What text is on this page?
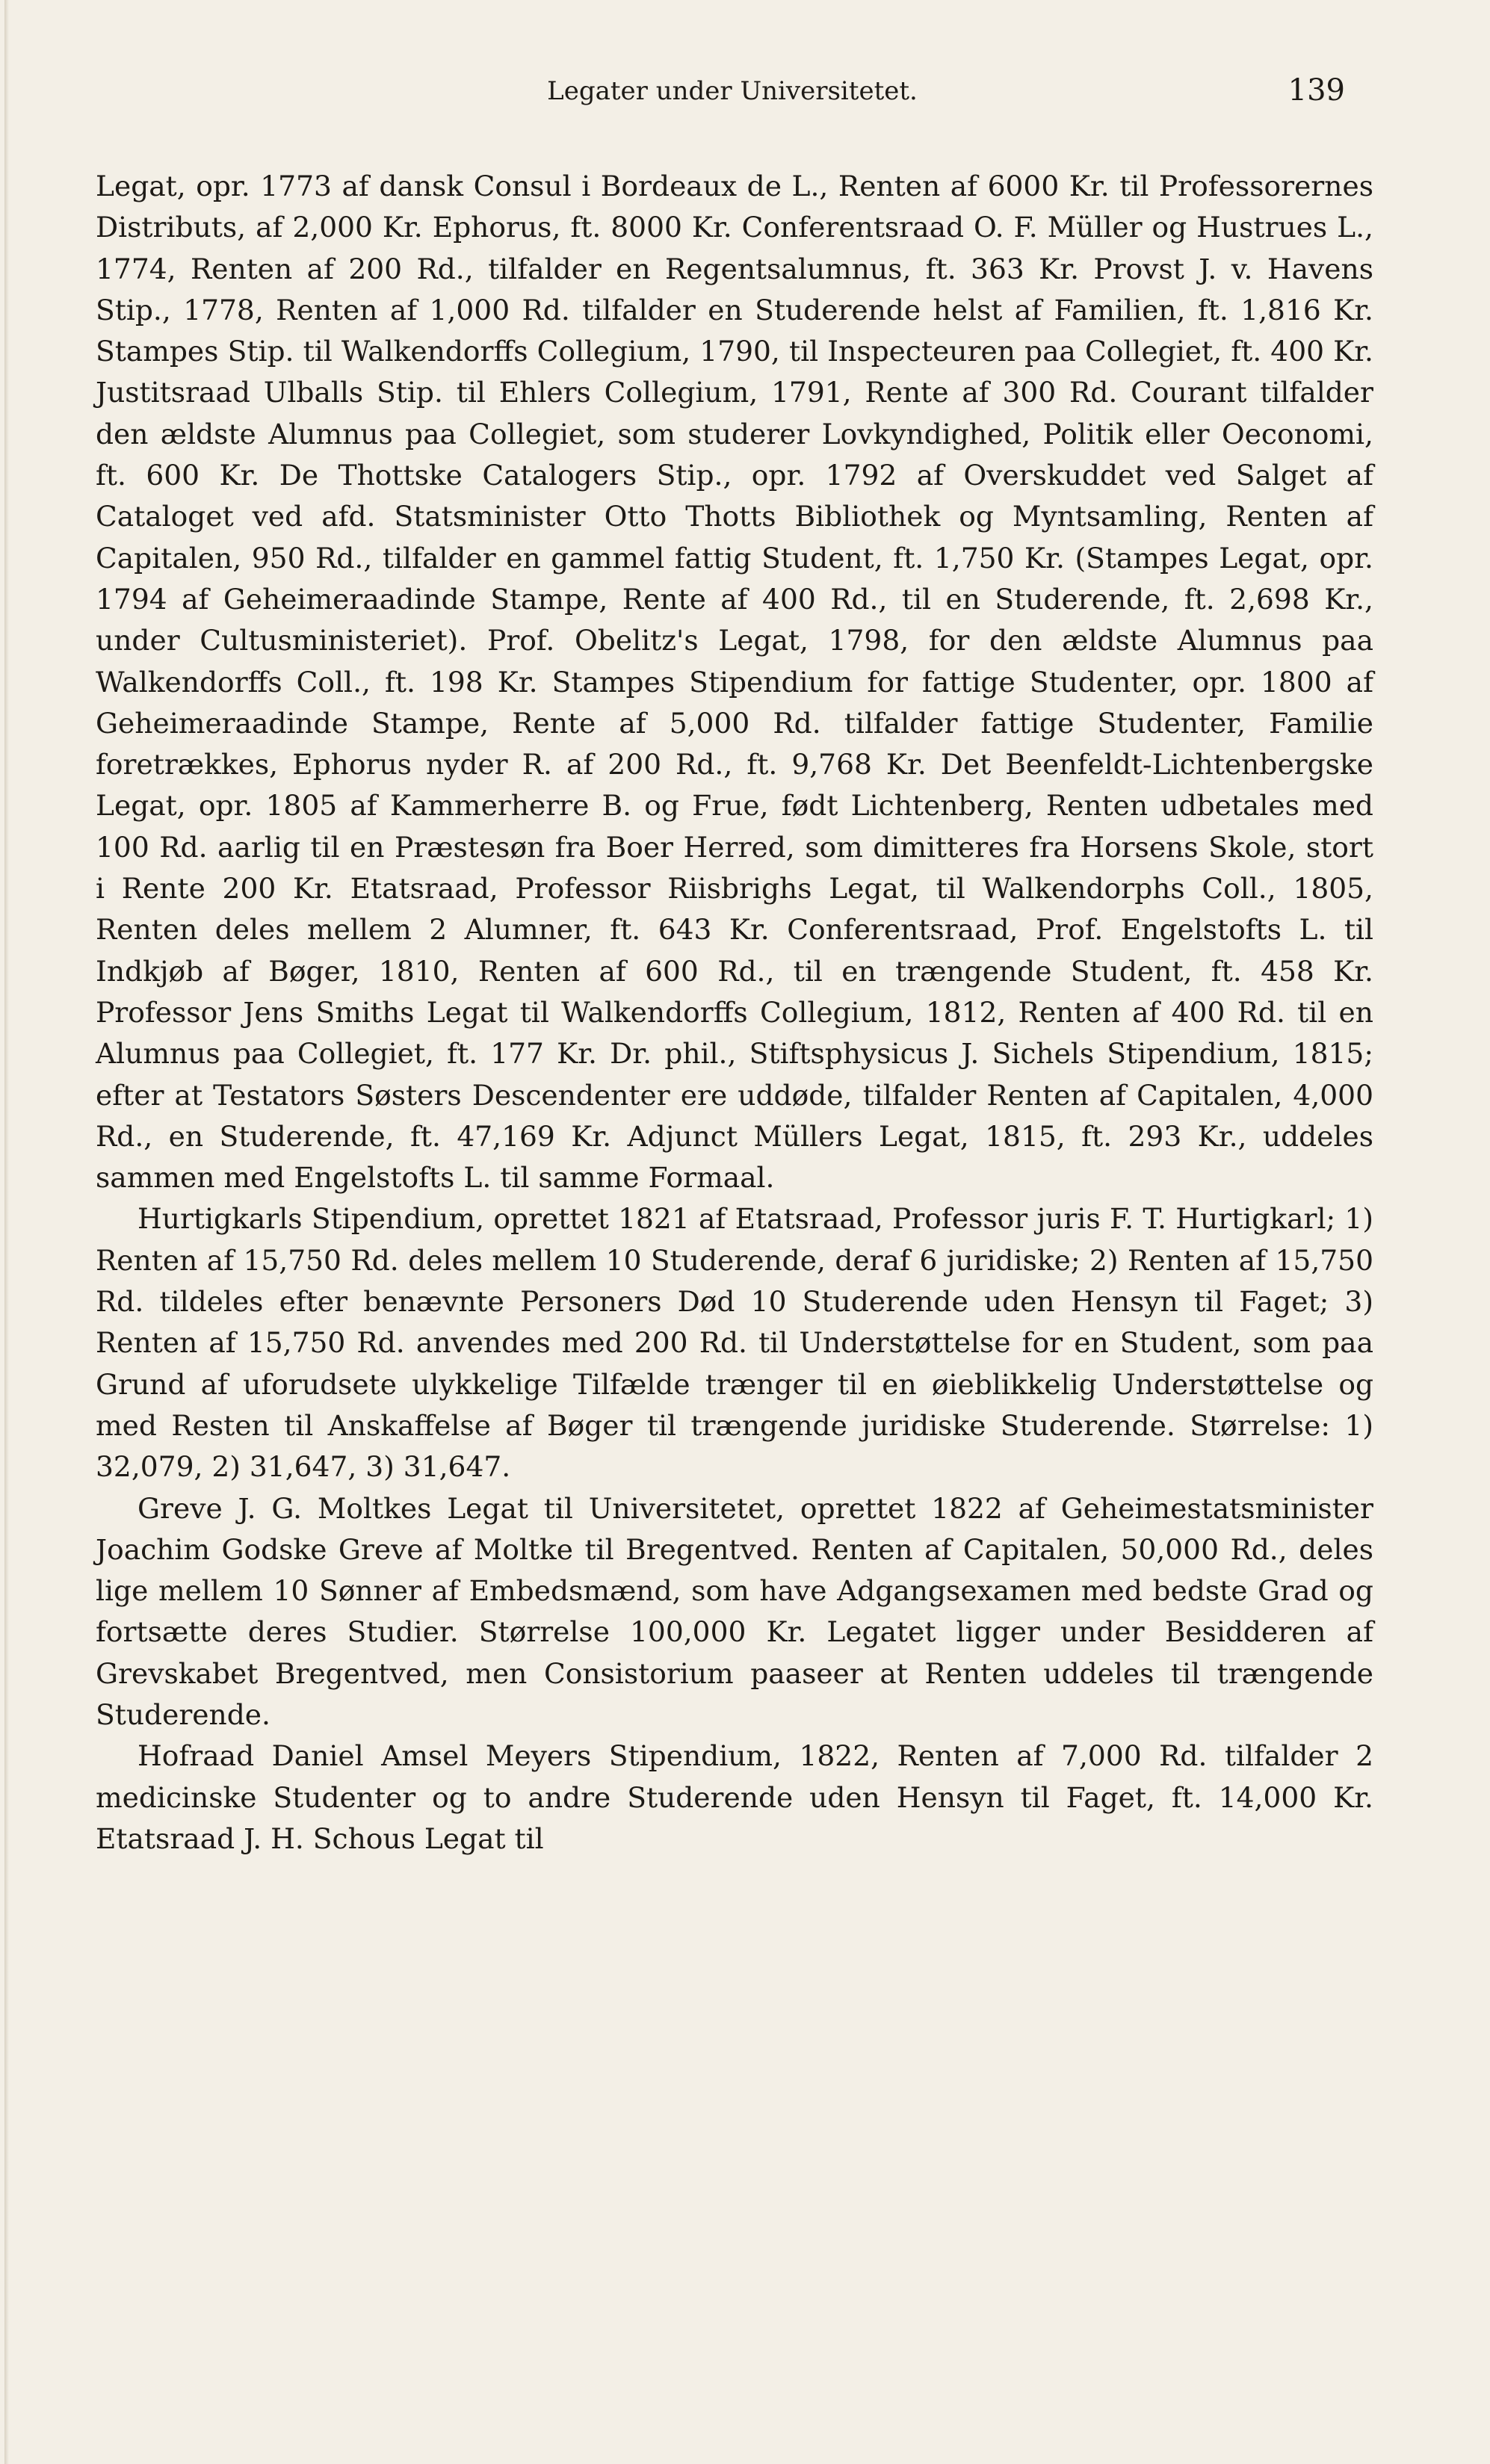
Legater under Universitetet.	139

Legat, opr. 1773 af dansk Consul i Bordeaux de L., Renten af 6000 Kr. til Professorernes Distributs, af 2,000 Kr. Ephorus, ft. 8000 Kr. Conferentsraad O. F. Müller og Hustrues L., 1774, Renten af 200 Rd., tilfalder en Regentsalumnus, ft. 363 Kr. Provst J. v. Havens Stip., 1778, Renten af 1,000 Rd. tilfalder en Studerende helst af Familien, ft. 1,816 Kr. Stampes Stip. til Walkendorffs Collegium, 1790, til Inspecteuren paa Collegiet, ft. 400 Kr. Justitsraad Ulballs Stip. til Ehlers Collegium, 1791, Rente af 300 Rd. Courant tilfalder den ældste Alumnus paa Collegiet, som studerer Lovkyndighed, Politik eller Oeconomi, ft. 600 Kr. De Thottske Catalogers Stip., opr. 1792 af Overskuddet ved Salget af Cataloget ved afd. Statsminister Otto Thotts Bibliothek og Myntsamling, Renten af Capitalen, 950 Rd., tilfalder en gammel fattig Student, ft. 1,750 Kr. (Stampes Legat, opr. 1794 af Geheimeraadinde Stampe, Rente af 400 Rd., til en Studerende, ft. 2,698 Kr., under Cultusministeriet). Prof. Obelitz's Legat, 1798, for den ældste Alumnus paa Walkendorffs Coll., ft. 198 Kr. Stampes Stipendium for fattige Studenter, opr. 1800 af Geheimeraadinde Stampe, Rente af 5,000 Rd. tilfalder fattige Studenter, Familie foretrækkes, Ephorus nyder R. af 200 Rd., ft. 9,768 Kr. Det Beenfeldt-Lichtenbergske Legat, opr. 1805 af Kammerherre B. og Frue, født Lichtenberg, Renten udbetales med 100 Rd. aarlig til en Præstesøn fra Boer Herred, som dimitteres fra Horsens Skole, stort i Rente 200 Kr. Etatsraad, Professor Riisbrighs Legat, til Walkendorphs Coll., 1805, Renten deles mellem 2 Alumner, ft. 643 Kr. Conferentsraad, Prof. Engelstofts L. til Indkjøb af Bøger, 1810, Renten af 600 Rd., til en trængende Student, ft. 458 Kr. Professor Jens Smiths Legat til Walkendorffs Collegium, 1812, Renten af 400 Rd. til en Alumnus paa Collegiet, ft. 177 Kr. Dr. phil., Stiftsphysicus J. Sichels Stipendium, 1815; efter at Testators Søsters Descendenter ere uddøde, tilfalder Renten af Capitalen, 4,000 Rd., en Studerende, ft. 47,169 Kr. Adjunct Müllers Legat, 1815, ft. 293 Kr., uddeles sammen med Engelstofts L. til samme Formaal.

Hurtigkarls Stipendium, oprettet 1821 af Etatsraad, Professor juris F. T. Hurtigkarl; 1) Renten af 15,750 Rd. deles mellem 10 Studerende, deraf 6 juridiske; 2) Renten af 15,750 Rd. tildeles efter benævnte Personers Død 10 Studerende uden Hensyn til Faget; 3) Renten af 15,750 Rd. anvendes med 200 Rd. til Understøttelse for en Student, som paa Grund af uforudsete ulykkelige Tilfælde trænger til en øieblikkelig Understøttelse og med Resten til Anskaffelse af Bøger til trængende juridiske Studerende. Størrelse: 1) 32,079, 2) 31,647, 3) 31,647.

Greve J. G. Moltkes Legat til Universitetet, oprettet 1822 af Geheimestatsminister Joachim Godske Greve af Moltke til Bregentved. Renten af Capitalen, 50,000 Rd., deles lige mellem 10 Sønner af Embedsmænd, som have Adgangsexamen med bedste Grad og fortsætte deres Studier. Størrelse 100,000 Kr. Legatet ligger under Besidderen af Grevskabet Bregentved, men Consistorium paaseer at Renten uddeles til trængende Studerende.

Hofraad Daniel Amsel Meyers Stipendium, 1822, Renten af 7,000 Rd. tilfalder 2 medicinske Studenter og to andre Studerende uden Hensyn til Faget, ft. 14,000 Kr. Etatsraad J. H. Schous Legat til
